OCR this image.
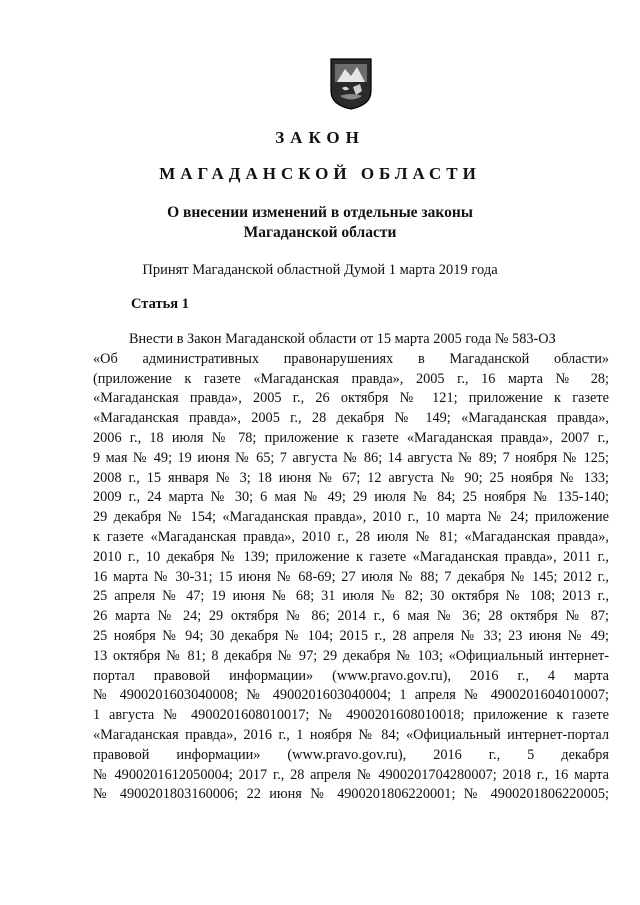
ЗАКОН
МАГАДАНСКОЙ ОБЛАСТИ
О внесении изменений в отдельные законы
Магаданской области
Принят Магаданской областной Думой 1 марта 2019 года
Статья 1
Внести в Закон Магаданской области от 15 марта 2005 года № 583-ОЗ
«Об административных правонарушениях в Магаданской области»
(приложение к газете «Магаданская правда», 2005 г., 16 марта № 28;
«Магаданская правда», 2005 г., 26 октября № 121; приложение к газете
«Магаданская правда», 2005 г., 28 декабря № 149; «Магаданская правда»,
2006 г., 18 июля № 78; приложение к газете «Магаданская правда», 2007 г.,
9 мая № 49; 19 июня № 65; 7 августа № 86; 14 августа № 89; 7 ноября № 125;
2008 г., 15 января № 3; 18 июня № 67; 12 августа № 90; 25 ноября № 133;
2009 г., 24 марта № 30; 6 мая № 49; 29 июля № 84; 25 ноября № 135-140;
29 декабря № 154; «Магаданская правда», 2010 г., 10 марта № 24; приложение
к газете «Магаданская правда», 2010 г., 28 июля № 81; «Магаданская правда»,
2010 г., 10 декабря № 139; приложение к газете «Магаданская правда», 2011 г.,
16 марта № 30-31; 15 июня № 68-69; 27 июля № 88; 7 декабря № 145; 2012 г.,
25 апреля № 47; 19 июня № 68; 31 июля № 82; 30 октября № 108; 2013 г.,
26 марта № 24; 29 октября № 86; 2014 г., 6 мая № 36; 28 октября № 87;
25 ноября № 94; 30 декабря № 104; 2015 г., 28 апреля № 33; 23 июня № 49;
13 октября № 81; 8 декабря № 97; 29 декабря № 103; «Официальный интернет-
портал правовой информации» (www.pravo.gov.ru), 2016 г., 4 марта
№ 4900201603040008; № 4900201603040004; 1 апреля № 4900201604010007;
1 августа № 4900201608010017; № 4900201608010018; приложение к газете
«Магаданская правда», 2016 г., 1 ноября № 84; «Официальный интернет-портал
правовой информации» (www.pravo.gov.ru), 2016 г., 5 декабря
№ 4900201612050004; 2017 г., 28 апреля № 4900201704280007; 2018 г., 16 марта
№ 4900201803160006; 22 июня № 4900201806220001; № 4900201806220005;
